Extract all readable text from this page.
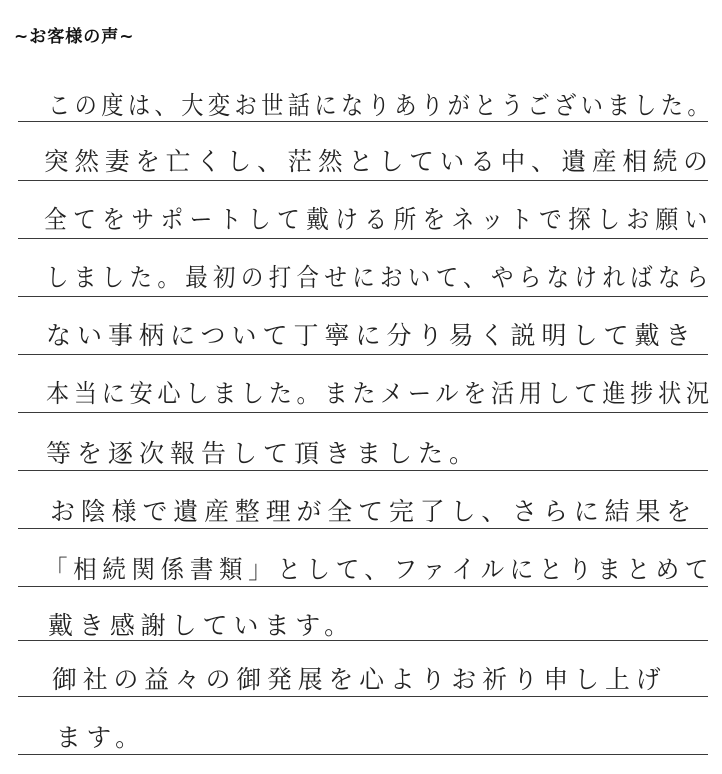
~お客様の声~
この度は、大変お世話になりありがとうございました。
突然妻を亡くし、茫然としている中、遺産相続の
全てをサポートして戴ける所をネットで探しお願い
しました。最初の打合せにおいて、やらなければなら
ない事柄について丁寧に分り易く説明して戴き
本当に安心しました。またメールを活用して進捗状況
等を逐次報告して頂きました。
お陰様で遺産整理が全て完了し、さらに結果を
「相続関係書類」として、ファイルにとりまとめて
戴き感謝しています。
御社の益々の御発展を心よりお祈り申し上げ
ます。
